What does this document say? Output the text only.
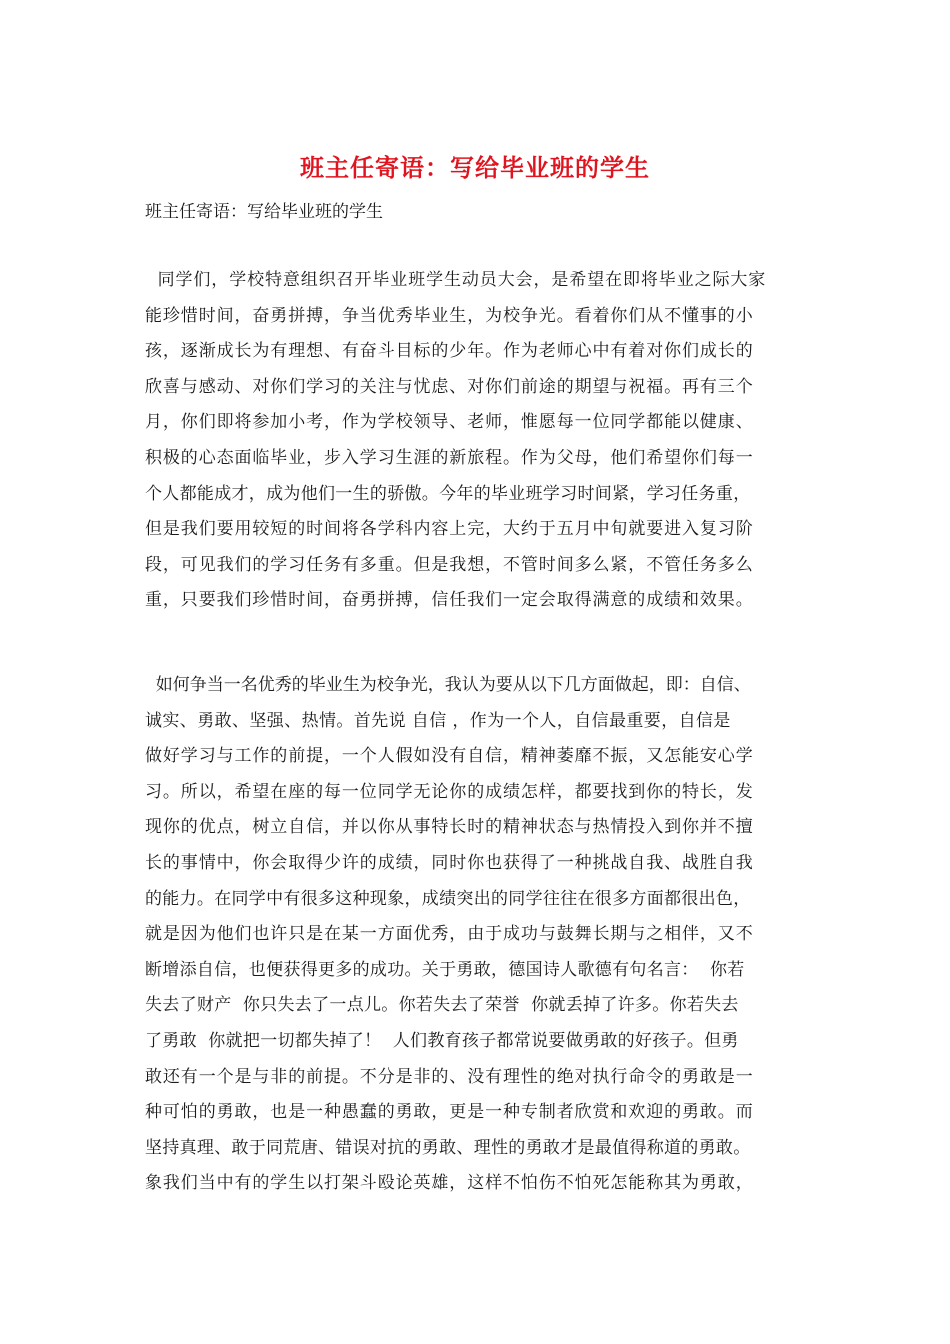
班主任寄语：写给毕业班的学生
班主任寄语：写给毕业班的学生
同学们，学校特意组织召开毕业班学生动员大会，是希望在即将毕业之际大家
能珍惜时间，奋勇拼搏，争当优秀毕业生，为校争光。看着你们从不懂事的小
孩，逐渐成长为有理想、有奋斗目标的少年。作为老师心中有着对你们成长的
欣喜与感动、对你们学习的关注与忧虑、对你们前途的期望与祝福。再有三个
月，你们即将参加小考，作为学校领导、老师，惟愿每一位同学都能以健康、
积极的心态面临毕业，步入学习生涯的新旅程。作为父母，他们希望你们每一
个人都能成才，成为他们一生的骄傲。今年的毕业班学习时间紧，学习任务重，
但是我们要用较短的时间将各学科内容上完，大约于五月中旬就要进入复习阶
段，可见我们的学习任务有多重。但是我想，不管时间多么紧，不管任务多么
重，只要我们珍惜时间，奋勇拼搏，信任我们一定会取得满意的成绩和效果。
如何争当一名优秀的毕业生为校争光，我认为要从以下几方面做起，即：自信、
诚实、勇敢、坚强、热情。首先说 自信 ，作为一个人，自信最重要，自信是
做好学习与工作的前提，一个人假如没有自信，精神萎靡不振，又怎能安心学
习。所以，希望在座的每一位同学无论你的成绩怎样，都要找到你的特长，发
现你的优点，树立自信，并以你从事特长时的精神状态与热情投入到你并不擅
长的事情中，你会取得少许的成绩，同时你也获得了一种挑战自我、战胜自我
的能力。在同学中有很多这种现象，成绩突出的同学往往在很多方面都很出色，
就是因为他们也许只是在某一方面优秀，由于成功与鼓舞长期与之相伴，又不
断增添自信，也便获得更多的成功。关于勇敢，德国诗人歌德有句名言：  你若
失去了财产  你只失去了一点儿。你若失去了荣誉  你就丢掉了许多。你若失去
了勇敢  你就把一切都失掉了！  人们教育孩子都常说要做勇敢的好孩子。但勇
敢还有一个是与非的前提。不分是非的、没有理性的绝对执行命令的勇敢是一
种可怕的勇敢，也是一种愚蠢的勇敢，更是一种专制者欣赏和欢迎的勇敢。而
坚持真理、敢于同荒唐、错误对抗的勇敢、理性的勇敢才是最值得称道的勇敢。
象我们当中有的学生以打架斗殴论英雄，这样不怕伤不怕死怎能称其为勇敢，
